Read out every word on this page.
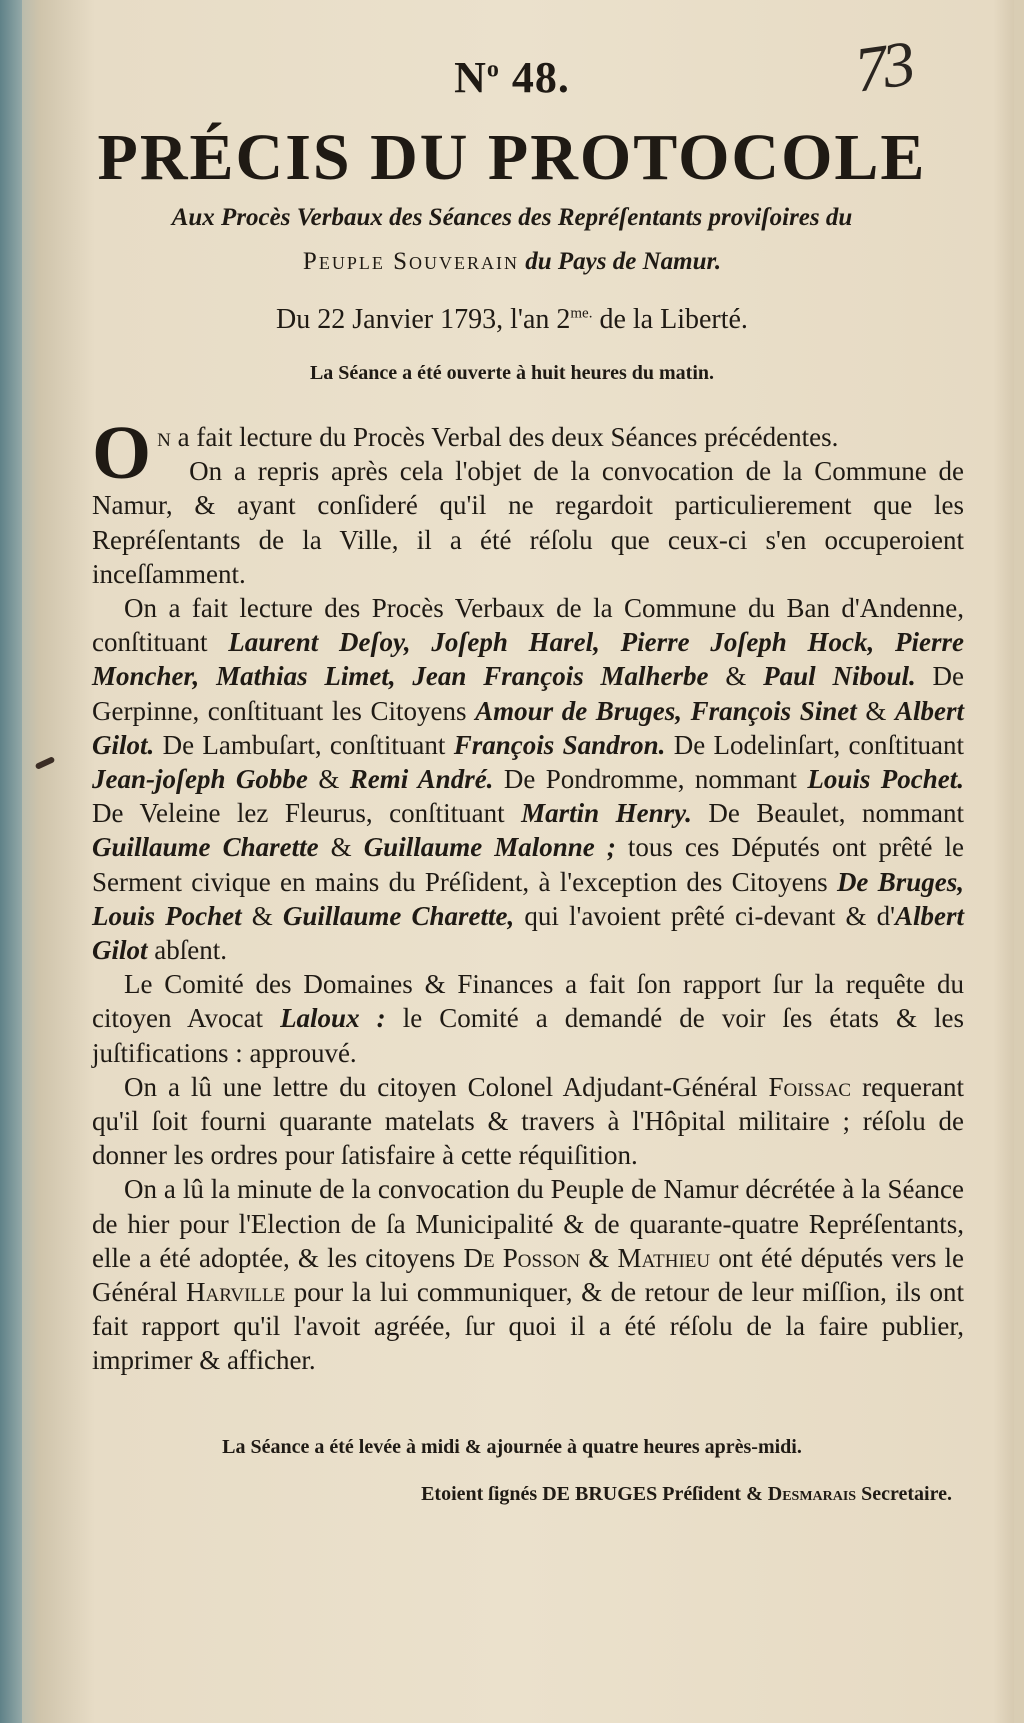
$N^o$ 48.	73
PRÉCIS DU PROTOCOLE
Aux Procès Verbaux des Séances des Repréſentants proviſoires du
Peuple Souverain du Pays de Namur.
Du 22 Janvier 1793, l'an $2^{me.}$ de la Liberté.
La Séance a été ouverte à huit heures du matin.

On a fait lecture du Procès Verbal des deux Séances précédentes.

On a repris après cela l'objet de la convocation de la Commune de Namur, & ayant conſideré qu'il ne regardoit particulierement que les Repréſentants de la Ville, il a été réſolu que ceux-ci s'en occuperoient inceſſamment.

On a fait lecture des Procès Verbaux de la Commune du Ban d'Andenne, conſtituant Laurent Deſoy, Joſeph Harel, Pierre Joſeph Hock, Pierre Moncher, Mathias Limet, Jean François Malherbe & Paul Niboul. De Gerpinne, conſtituant les Citoyens Amour de Bruges, François Sinet & Albert Gilot. De Lambuſart, conſtituant François Sandron. De Lodelinſart, conſtituant Jean-joſeph Gobbe & Remi André. De Pondromme, nommant Louis Pochet. De Veleine lez Fleurus, conſtituant Martin Henry. De Beaulet, nommant Guillaume Charette & Guillaume Malonne ; tous ces Députés ont prêté le Serment civique en mains du Préſident, à l'exception des Citoyens De Bruges, Louis Pochet & Guillaume Charette, qui l'avoient prêté ci-devant & d'Albert Gilot abſent.

Le Comité des Domaines & Finances a fait ſon rapport ſur la requête du citoyen Avocat Laloux : le Comité a demandé de voir ſes états & les juſtifications : approuvé.

On a lû une lettre du citoyen Colonel Adjudant-Général Foissac requerant qu'il ſoit fourni quarante matelats & travers à l'Hôpital militaire ; réſolu de donner les ordres pour ſatisfaire à cette réquiſition.

On a lû la minute de la convocation du Peuple de Namur décrétée à la Séance de hier pour l'Election de ſa Municipalité & de quarante-quatre Repréſentants, elle a été adoptée, & les citoyens De Posson & Mathieu ont été députés vers le Général Harville pour la lui communiquer, & de retour de leur miſſion, ils ont fait rapport qu'il l'avoit agréée, ſur quoi il a été réſolu de la faire publier, imprimer & afficher.

La Séance a été levée à midi & ajournée à quatre heures après-midi.
Etoient ſignés DE BRUGES Préſident & Desmarais Secretaire.
